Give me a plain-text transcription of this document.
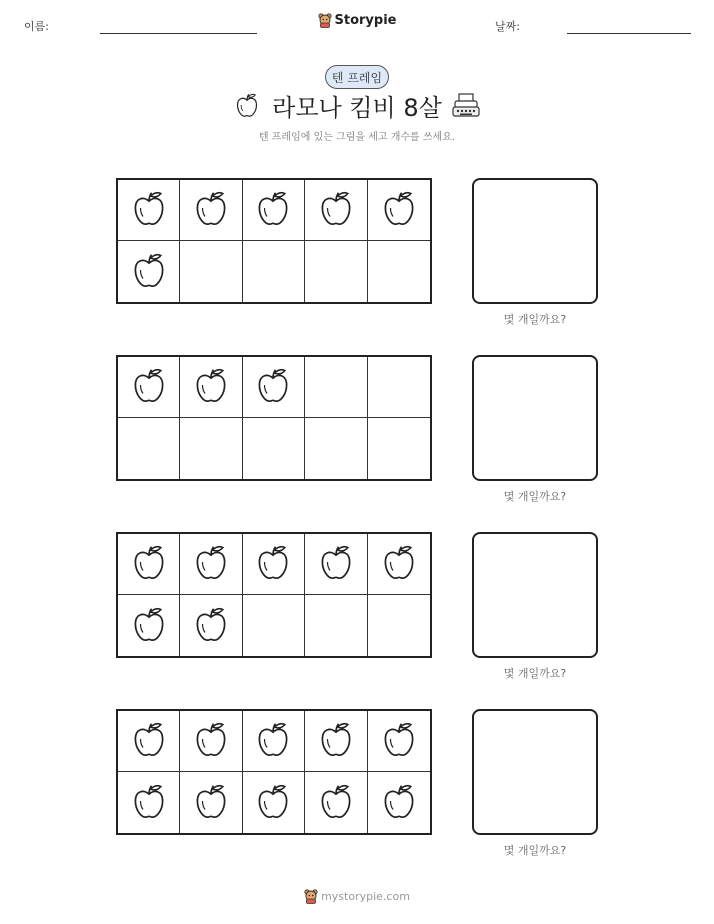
이름:	Storypie	날짜:
텐 프레임
라모나 킴비 8살
텐 프레임에 있는 그림을 세고 개수를 쓰세요.
몇 개일까요?
몇 개일까요?
몇 개일까요?
몇 개일까요?
mystorypie.com
